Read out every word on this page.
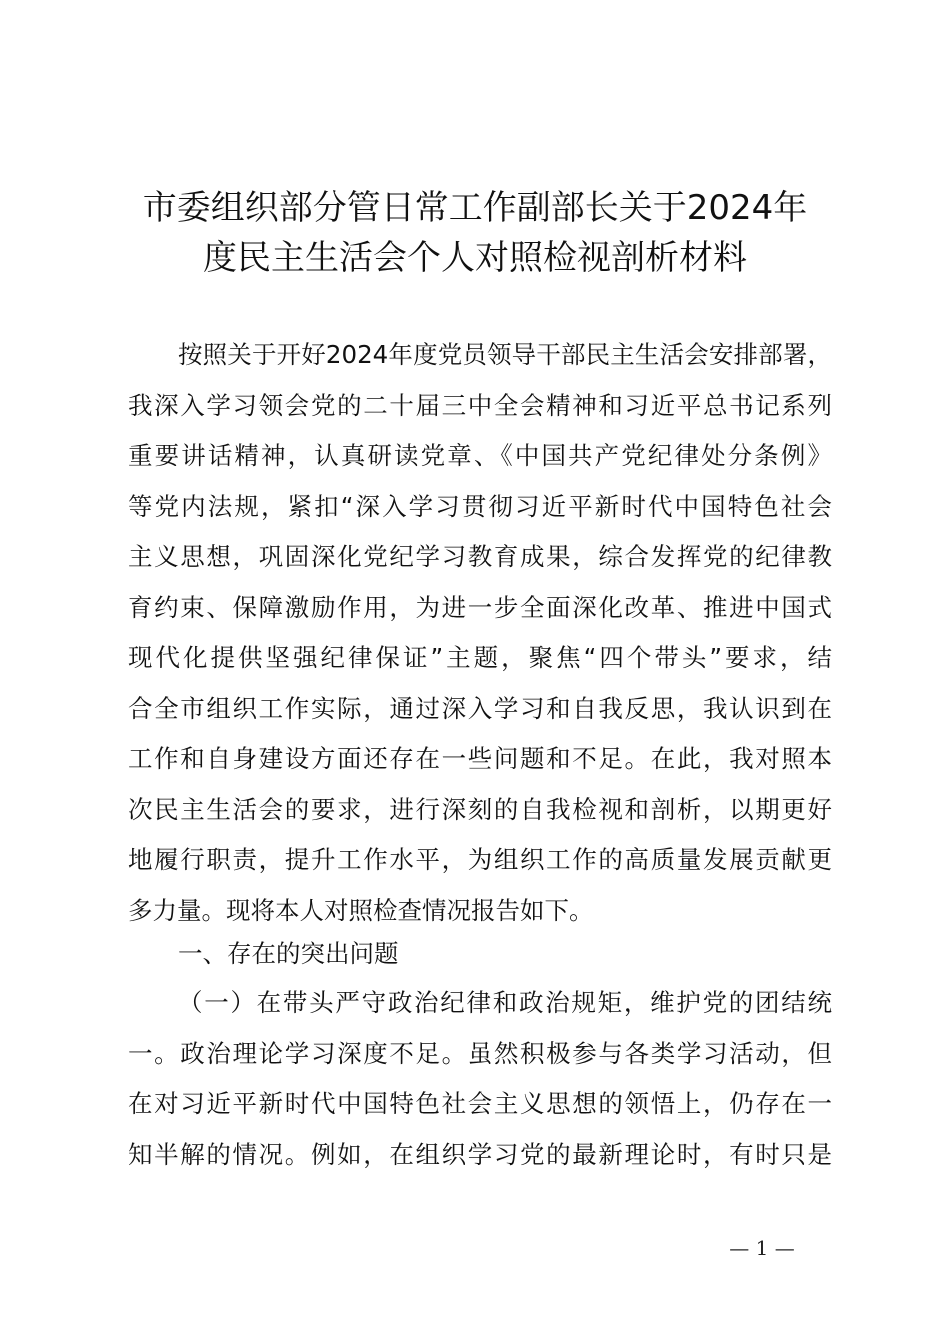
市委组织部分管日常工作副部长关于2024年
度民主生活会个人对照检视剖析材料
按照关于开好2024年度党员领导干部民主生活会安排部署，
我深入学习领会党的二十届三中全会精神和习近平总书记系列
重要讲话精神，认真研读党章、《中国共产党纪律处分条例》
等党内法规，紧扣“深入学习贯彻习近平新时代中国特色社会
主义思想，巩固深化党纪学习教育成果，综合发挥党的纪律教
育约束、保障激励作用，为进一步全面深化改革、推进中国式
现代化提供坚强纪律保证”主题，聚焦“四个带头”要求，结
合全市组织工作实际，通过深入学习和自我反思，我认识到在
工作和自身建设方面还存在一些问题和不足。在此，我对照本
次民主生活会的要求，进行深刻的自我检视和剖析，以期更好
地履行职责，提升工作水平，为组织工作的高质量发展贡献更
多力量。现将本人对照检查情况报告如下。
一、存在的突出问题
（一）在带头严守政治纪律和政治规矩，维护党的团结统
一。政治理论学习深度不足。虽然积极参与各类学习活动，但
在对习近平新时代中国特色社会主义思想的领悟上，仍存在一
知半解的情况。例如，在组织学习党的最新理论时，有时只是
— 1 —
